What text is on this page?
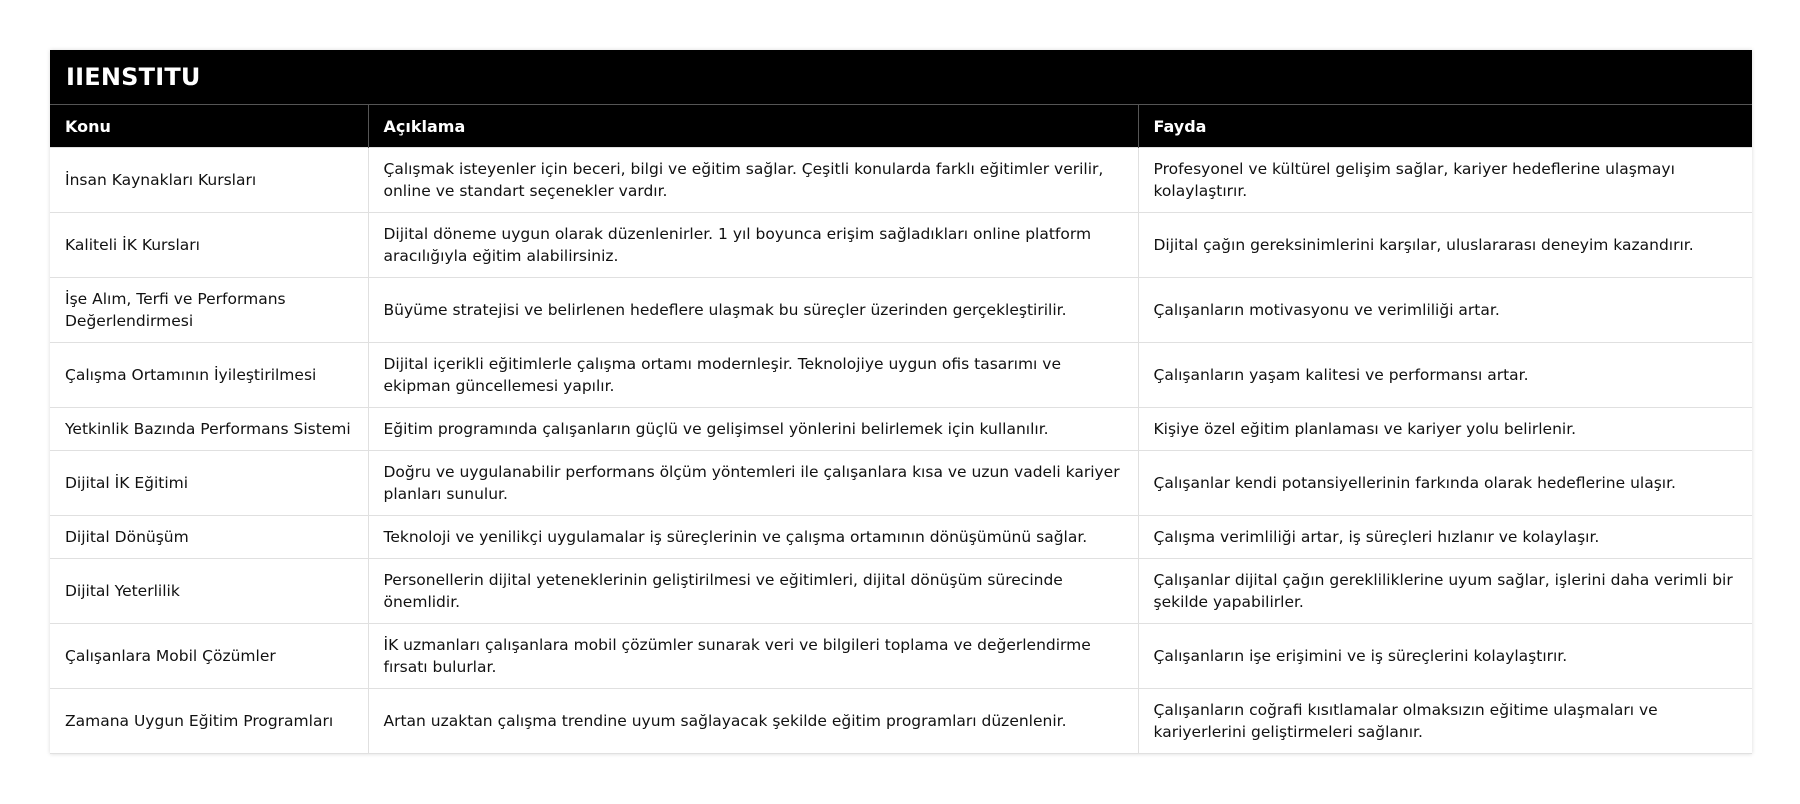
IIENSTITU
Konu	Açıklama	Fayda
İnsan Kaynakları Kursları	Çalışmak isteyenler için beceri, bilgi ve eğitim sağlar. Çeşitli konularda farklı eğitimler verilir, online ve standart seçenekler vardır.	Profesyonel ve kültürel gelişim sağlar, kariyer hedeflerine ulaşmayı kolaylaştırır.
Kaliteli İK Kursları	Dijital döneme uygun olarak düzenlenirler. 1 yıl boyunca erişim sağladıkları online platform aracılığıyla eğitim alabilirsiniz.	Dijital çağın gereksinimlerini karşılar, uluslararası deneyim kazandırır.
İşe Alım, Terfi ve Performans Değerlendirmesi	Büyüme stratejisi ve belirlenen hedeflere ulaşmak bu süreçler üzerinden gerçekleştirilir.	Çalışanların motivasyonu ve verimliliği artar.
Çalışma Ortamının İyileştirilmesi	Dijital içerikli eğitimlerle çalışma ortamı modernleşir. Teknolojiye uygun ofis tasarımı ve ekipman güncellemesi yapılır.	Çalışanların yaşam kalitesi ve performansı artar.
Yetkinlik Bazında Performans Sistemi	Eğitim programında çalışanların güçlü ve gelişimsel yönlerini belirlemek için kullanılır.	Kişiye özel eğitim planlaması ve kariyer yolu belirlenir.
Dijital İK Eğitimi	Doğru ve uygulanabilir performans ölçüm yöntemleri ile çalışanlara kısa ve uzun vadeli kariyer planları sunulur.	Çalışanlar kendi potansiyellerinin farkında olarak hedeflerine ulaşır.
Dijital Dönüşüm	Teknoloji ve yenilikçi uygulamalar iş süreçlerinin ve çalışma ortamının dönüşümünü sağlar.	Çalışma verimliliği artar, iş süreçleri hızlanır ve kolaylaşır.
Dijital Yeterlilik	Personellerin dijital yeteneklerinin geliştirilmesi ve eğitimleri, dijital dönüşüm sürecinde önemlidir.	Çalışanlar dijital çağın gerekliliklerine uyum sağlar, işlerini daha verimli bir şekilde yapabilirler.
Çalışanlara Mobil Çözümler	İK uzmanları çalışanlara mobil çözümler sunarak veri ve bilgileri toplama ve değerlendirme fırsatı bulurlar.	Çalışanların işe erişimini ve iş süreçlerini kolaylaştırır.
Zamana Uygun Eğitim Programları	Artan uzaktan çalışma trendine uyum sağlayacak şekilde eğitim programları düzenlenir.	Çalışanların coğrafi kısıtlamalar olmaksızın eğitime ulaşmaları ve kariyerlerini geliştirmeleri sağlanır.
